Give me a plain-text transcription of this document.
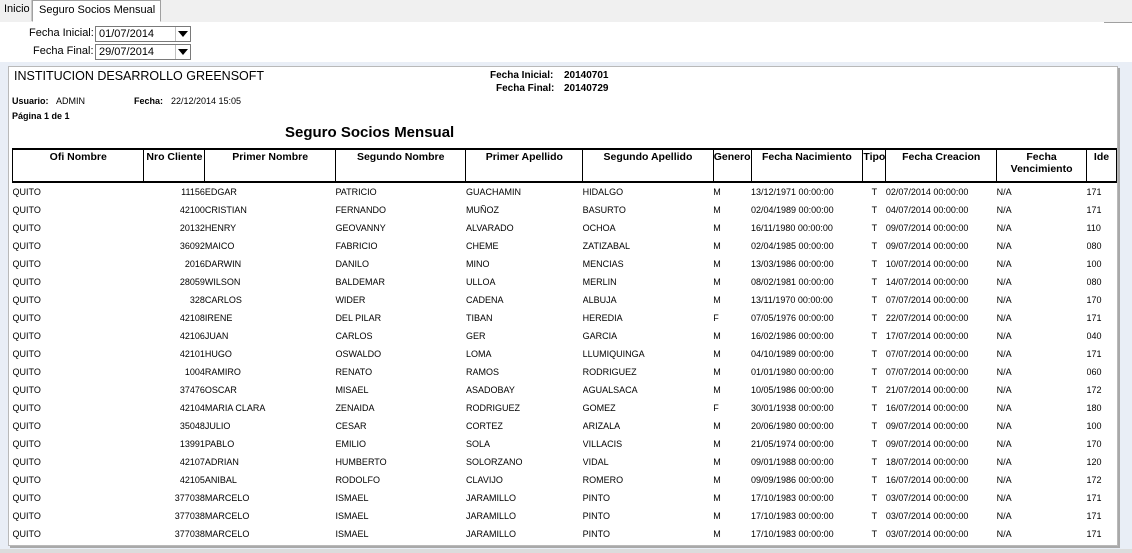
Inicio Seguro Socios Mensual
Fecha Inicial: 01/07/2014
Fecha Final: 29/07/2014
INSTITUCION DESARROLLO GREENSOFT
Usuario: ADMIN	Fecha: 22/12/2014 15:05
Página 1 de 1
Fecha Inicial: 20140701
Fecha Final: 20140729
Seguro Socios Mensual
Ofi Nombre	Nro Cliente	Primer Nombre	Segundo Nombre	Primer Apellido	Segundo Apellido	Genero	Fecha Nacimiento	Tipo	Fecha Creacion	Fecha Vencimiento	Ide
QUITO	11156	EDGAR	PATRICIO	GUACHAMIN	HIDALGO	M	13/12/1971 00:00:00	T	02/07/2014 00:00:00	N/A	171
QUITO	42100	CRISTIAN	FERNANDO	MUÑOZ	BASURTO	M	02/04/1989 00:00:00	T	04/07/2014 00:00:00	N/A	171
QUITO	20132	HENRY	GEOVANNY	ALVARADO	OCHOA	M	16/11/1980 00:00:00	T	09/07/2014 00:00:00	N/A	110
QUITO	36092	MAICO	FABRICIO	CHEME	ZATIZABAL	M	02/04/1985 00:00:00	T	09/07/2014 00:00:00	N/A	080
QUITO	2016	DARWIN	DANILO	MINO	MENCIAS	M	13/03/1986 00:00:00	T	10/07/2014 00:00:00	N/A	100
QUITO	28059	WILSON	BALDEMAR	ULLOA	MERLIN	M	08/02/1981 00:00:00	T	14/07/2014 00:00:00	N/A	080
QUITO	328	CARLOS	WIDER	CADENA	ALBUJA	M	13/11/1970 00:00:00	T	07/07/2014 00:00:00	N/A	170
QUITO	42108	IRENE	DEL PILAR	TIBAN	HEREDIA	F	07/05/1976 00:00:00	T	22/07/2014 00:00:00	N/A	171
QUITO	42106	JUAN	CARLOS	GER	GARCIA	M	16/02/1986 00:00:00	T	17/07/2014 00:00:00	N/A	040
QUITO	42101	HUGO	OSWALDO	LOMA	LLUMIQUINGA	M	04/10/1989 00:00:00	T	07/07/2014 00:00:00	N/A	171
QUITO	1004	RAMIRO	RENATO	RAMOS	RODRIGUEZ	M	01/01/1980 00:00:00	T	07/07/2014 00:00:00	N/A	060
QUITO	37476	OSCAR	MISAEL	ASADOBAY	AGUALSACA	M	10/05/1986 00:00:00	T	21/07/2014 00:00:00	N/A	172
QUITO	42104	MARIA CLARA	ZENAIDA	RODRIGUEZ	GOMEZ	F	30/01/1938 00:00:00	T	16/07/2014 00:00:00	N/A	180
QUITO	35048	JULIO	CESAR	CORTEZ	ARIZALA	M	20/06/1980 00:00:00	T	09/07/2014 00:00:00	N/A	100
QUITO	13991	PABLO	EMILIO	SOLA	VILLACIS	M	21/05/1974 00:00:00	T	09/07/2014 00:00:00	N/A	170
QUITO	42107	ADRIAN	HUMBERTO	SOLORZANO	VIDAL	M	09/01/1988 00:00:00	T	18/07/2014 00:00:00	N/A	120
QUITO	42105	ANIBAL	RODOLFO	CLAVIJO	ROMERO	M	09/09/1986 00:00:00	T	16/07/2014 00:00:00	N/A	172
QUITO	377038	MARCELO	ISMAEL	JARAMILLO	PINTO	M	17/10/1983 00:00:00	T	03/07/2014 00:00:00	N/A	171
QUITO	377038	MARCELO	ISMAEL	JARAMILLO	PINTO	M	17/10/1983 00:00:00	T	03/07/2014 00:00:00	N/A	171
QUITO	377038	MARCELO	ISMAEL	JARAMILLO	PINTO	M	17/10/1983 00:00:00	T	03/07/2014 00:00:00	N/A	171
